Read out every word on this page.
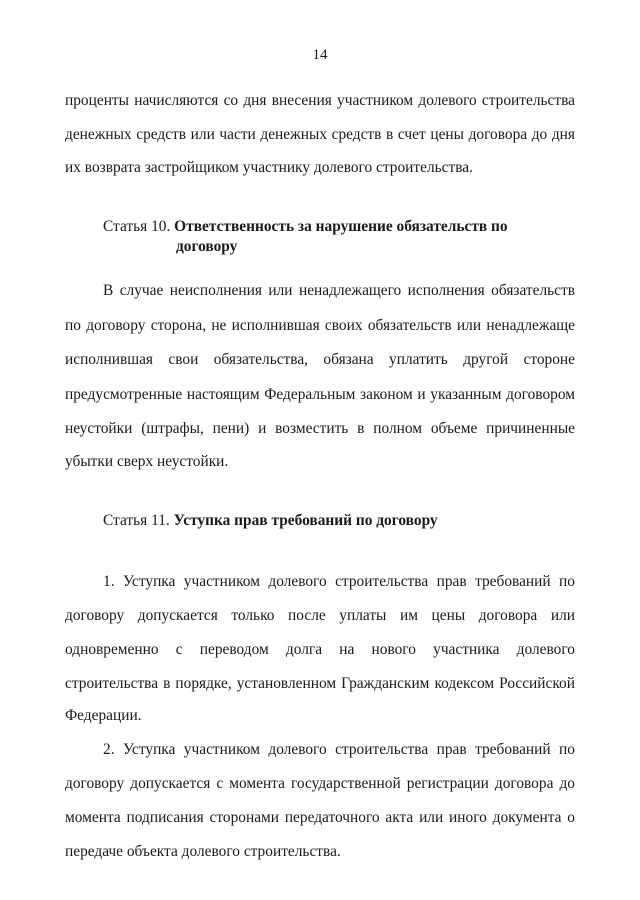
14
проценты начисляются со дня внесения участником долевого строительства
денежных средств или части денежных средств в счет цены договора до дня
их возврата застройщиком участнику долевого строительства.
Статья 10. Ответственность за нарушение обязательств по
договору
В случае неисполнения или ненадлежащего исполнения обязательств
по договору сторона, не исполнившая своих обязательств или ненадлежаще
исполнившая свои обязательства, обязана уплатить другой стороне
предусмотренные настоящим Федеральным законом и указанным договором
неустойки (штрафы, пени) и возместить в полном объеме причиненные
убытки сверх неустойки.
Статья 11. Уступка прав требований по договору
1. Уступка участником долевого строительства прав требований по
договору допускается только после уплаты им цены договора или
одновременно с переводом долга на нового участника долевого
строительства в порядке, установленном Гражданским кодексом Российской
Федерации.
2. Уступка участником долевого строительства прав требований по
договору допускается с момента государственной регистрации договора до
момента подписания сторонами передаточного акта или иного документа о
передаче объекта долевого строительства.
